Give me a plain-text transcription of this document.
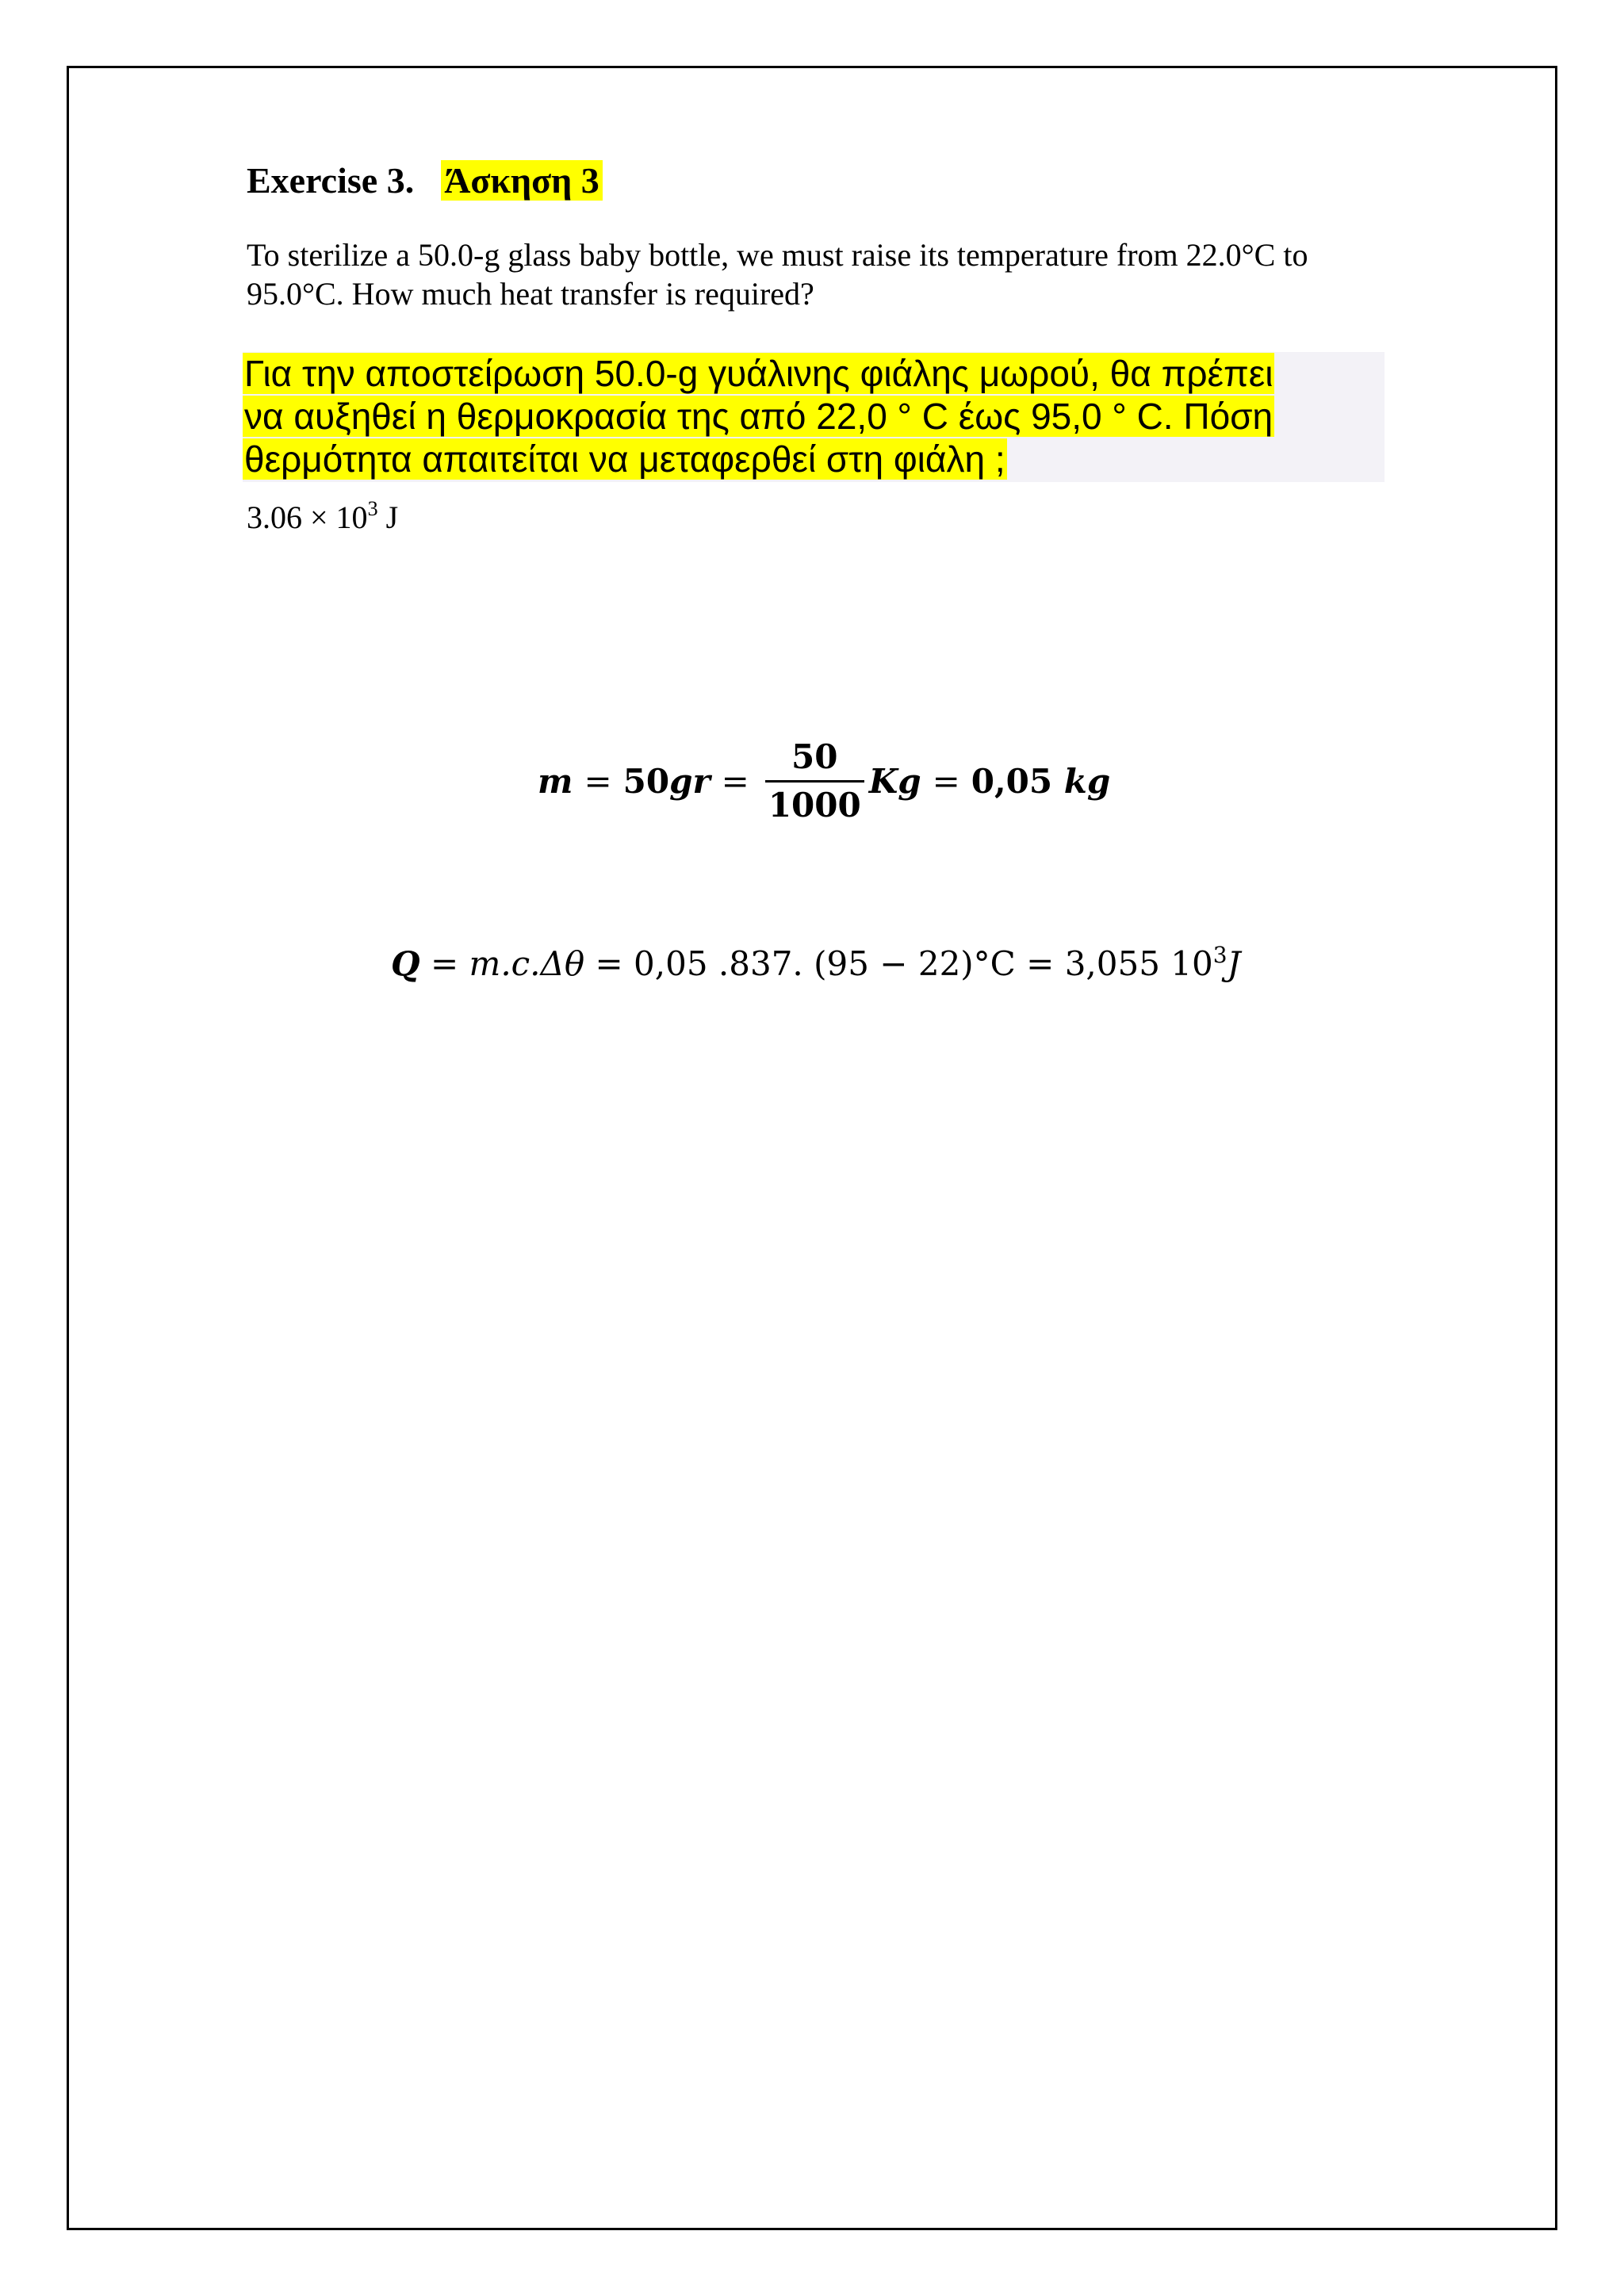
Exercise 3. Άσκηση 3
To sterilize a 50.0-g glass baby bottle, we must raise its temperature from 22.0°C to 95.0°C. How much heat transfer is required?
Για την αποστείρωση 50.0-g γυάλινης φιάλης μωρού, θα πρέπει
να αυξηθεί η θερμοκρασία της από 22,0 ° C έως 95,0 ° C. Πόση
θερμότητα απαιτείται να μεταφερθεί στη φιάλη ;
$3.06 \times 10^3$ J
m = 50 gr = $\frac{50}{1000}$ Kg = 0,05
kg
Q = m.c.Δθ = 0,05 .837. (95 − 22)°C = 3,055 $10^3J$
